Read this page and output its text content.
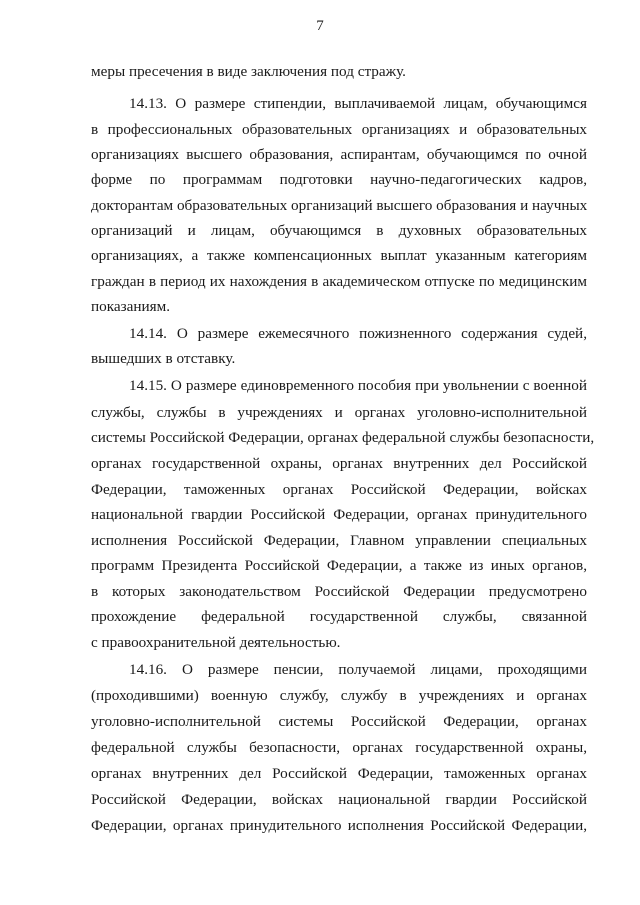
7
меры пресечения в виде заключения под стражу.
14.13. О размере стипендии, выплачиваемой лицам, обучающимся
в профессиональных образовательных организациях и образовательных
организациях высшего образования, аспирантам, обучающимся по очной
форме по программам подготовки научно-педагогических кадров,
докторантам образовательных организаций высшего образования и научных
организаций и лицам, обучающимся в духовных образовательных
организациях, а также компенсационных выплат указанным категориям
граждан в период их нахождения в академическом отпуске по медицинским
показаниям.
14.14. О размере ежемесячного пожизненного содержания судей,
вышедших в отставку.
14.15. О размере единовременного пособия при увольнении с военной
службы, службы в учреждениях и органах уголовно-исполнительной
системы Российской Федерации, органах федеральной службы безопасности,
органах государственной охраны, органах внутренних дел Российской
Федерации, таможенных органах Российской Федерации, войсках
национальной гвардии Российской Федерации, органах принудительного
исполнения Российской Федерации, Главном управлении специальных
программ Президента Российской Федерации, а также из иных органов,
в которых законодательством Российской Федерации предусмотрено
прохождение федеральной государственной службы, связанной
с правоохранительной деятельностью.
14.16. О размере пенсии, получаемой лицами, проходящими
(проходившими) военную службу, службу в учреждениях и органах
уголовно-исполнительной системы Российской Федерации, органах
федеральной службы безопасности, органах государственной охраны,
органах внутренних дел Российской Федерации, таможенных органах
Российской Федерации, войсках национальной гвардии Российской
Федерации, органах принудительного исполнения Российской Федерации,
